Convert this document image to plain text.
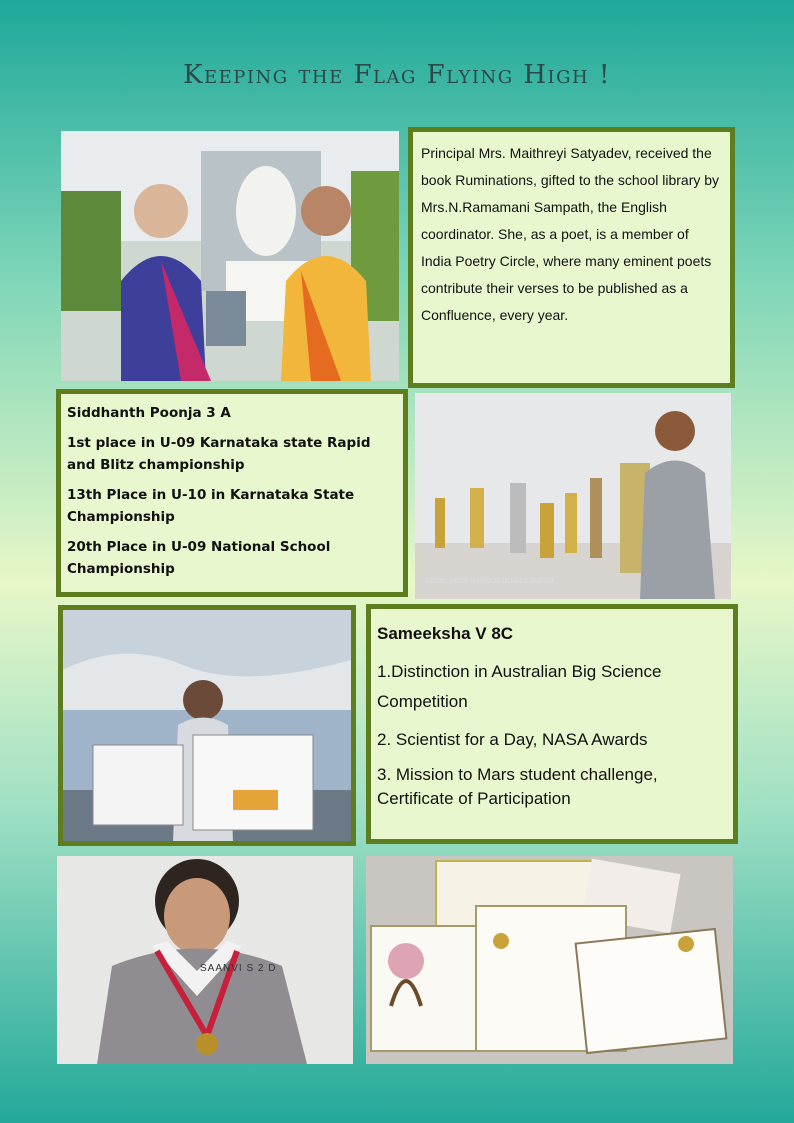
Keeping the Flag Flying High !
Principal Mrs. Maithreyi Satyadev, received the book Ruminations, gifted to the school library by Mrs.N.Ramamani Sampath, the English coordinator. She, as a poet, is a member of India Poetry Circle, where many eminent poets contribute their verses to be published as a Confluence, every year.

Siddhanth Poonja 3 A

1st place in U-09 Karnataka state Rapid and Blitz championship

13th Place in U-10 in Karnataka State Championship

20th Place in U-09 National School Championship

REDMI NOTE 9 PRO AI QUAD CAMERA

Sameeksha V 8C

1.Distinction in Australian Big Science Competition

2. Scientist for a Day, NASA Awards

3. Mission to Mars student challenge, Certificate of Participation

SAANVI S 2 D
